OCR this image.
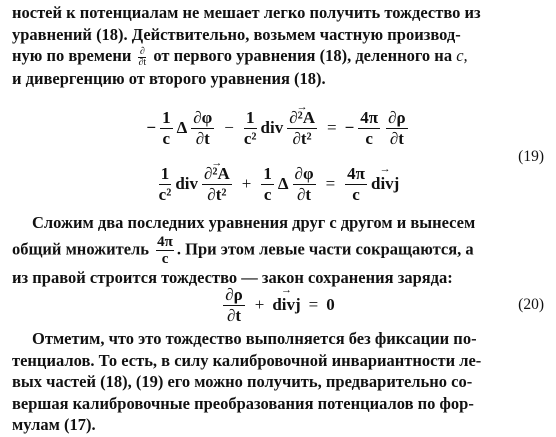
ностей к потенциалам не мешает легко получить тождество из
уравнений (18). Действительно, возьмем частную производ-
ную по времени $\frac{\partial}{\partial t}$ от первого уравнения (18), деленного на c,
и дивергенцию от второго уравнения (18).
− $\frac{1}{c}$ Δ $\frac{\partial\varphi}{\partial t} - \frac{1}{\text{c²}}$ div → $\frac{\text{∂²A}}{\text{∂t²}}$ = − $\frac{4\pi}{c} \frac{\partial\rho}{\partial t}$
(19)
$\frac{1}{\text{c²}}$ div → $\frac{\text{∂²A}}{\text{∂t²}} + \frac{1}{c}$ Δ $\frac{\partial\varphi}{\partial t} = \frac{4\pi}{c}$ → divj
Сложим два последних уравнения друг с другом и вынесем
общий множитель $\frac{4\pi}{c}$ . При этом левые части сокращаются, а
из правой строится тождество — закон сохранения заряда:
$\frac{\partial\rho}{\partial t}$ + → divj = 0	(20)
Отметим, что это тождество выполняется без фиксации по-
тенциалов. То есть, в силу калибровочной инвариантности ле-
вых частей (18), (19) его можно получить, предварительно со-
вершая калибровочные преобразования потенциалов по фор-
мулам (17).
